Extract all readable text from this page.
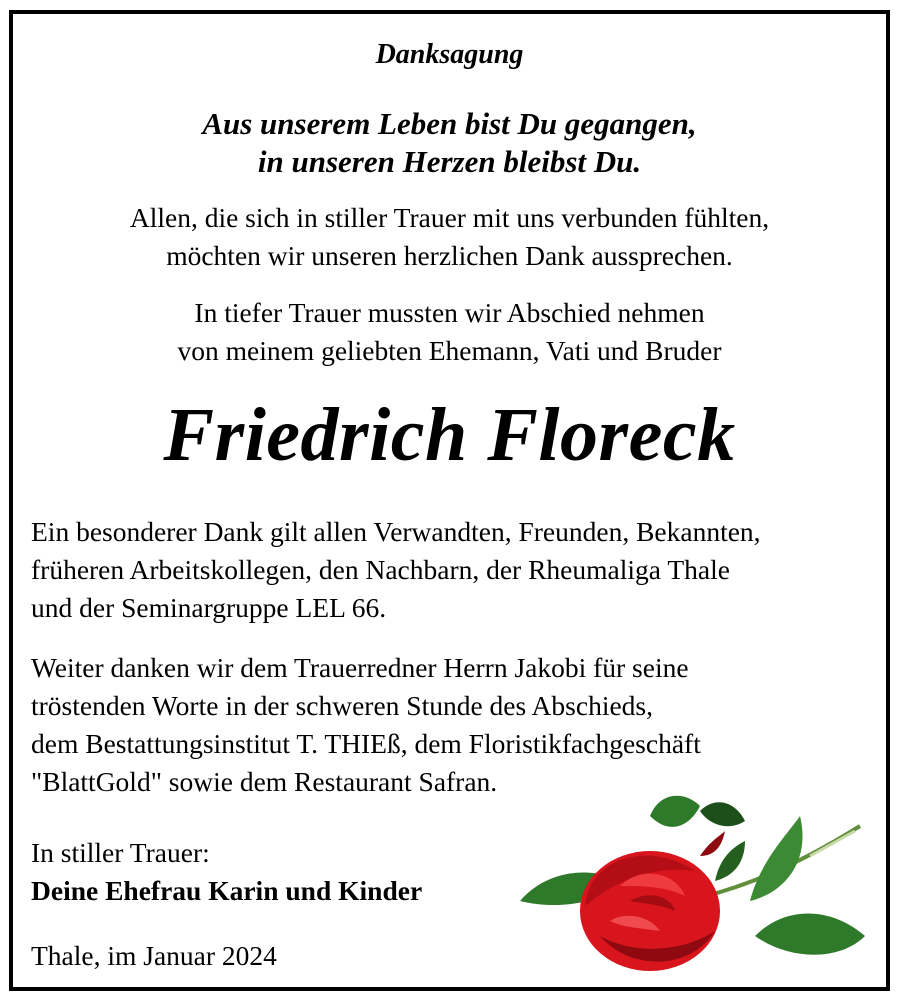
Danksagung
Aus unserem Leben bist Du gegangen,
in unseren Herzen bleibst Du.
Allen, die sich in stiller Trauer mit uns verbunden fühlten,
möchten wir unseren herzlichen Dank aussprechen.
In tiefer Trauer mussten wir Abschied nehmen
von meinem geliebten Ehemann, Vati und Bruder
Friedrich Floreck
Ein besonderer Dank gilt allen Verwandten, Freunden, Bekannten,
früheren Arbeitskollegen, den Nachbarn, der Rheumaliga Thale
und der Seminargruppe LEL 66.
Weiter danken wir dem Trauerredner Herrn Jakobi für seine
tröstenden Worte in der schweren Stunde des Abschieds,
dem Bestattungsinstitut T. THIEß, dem Floristikfachgeschäft
"BlattGold" sowie dem Restaurant Safran.
In stiller Trauer:
Deine Ehefrau Karin und Kinder
Thale, im Januar 2024
